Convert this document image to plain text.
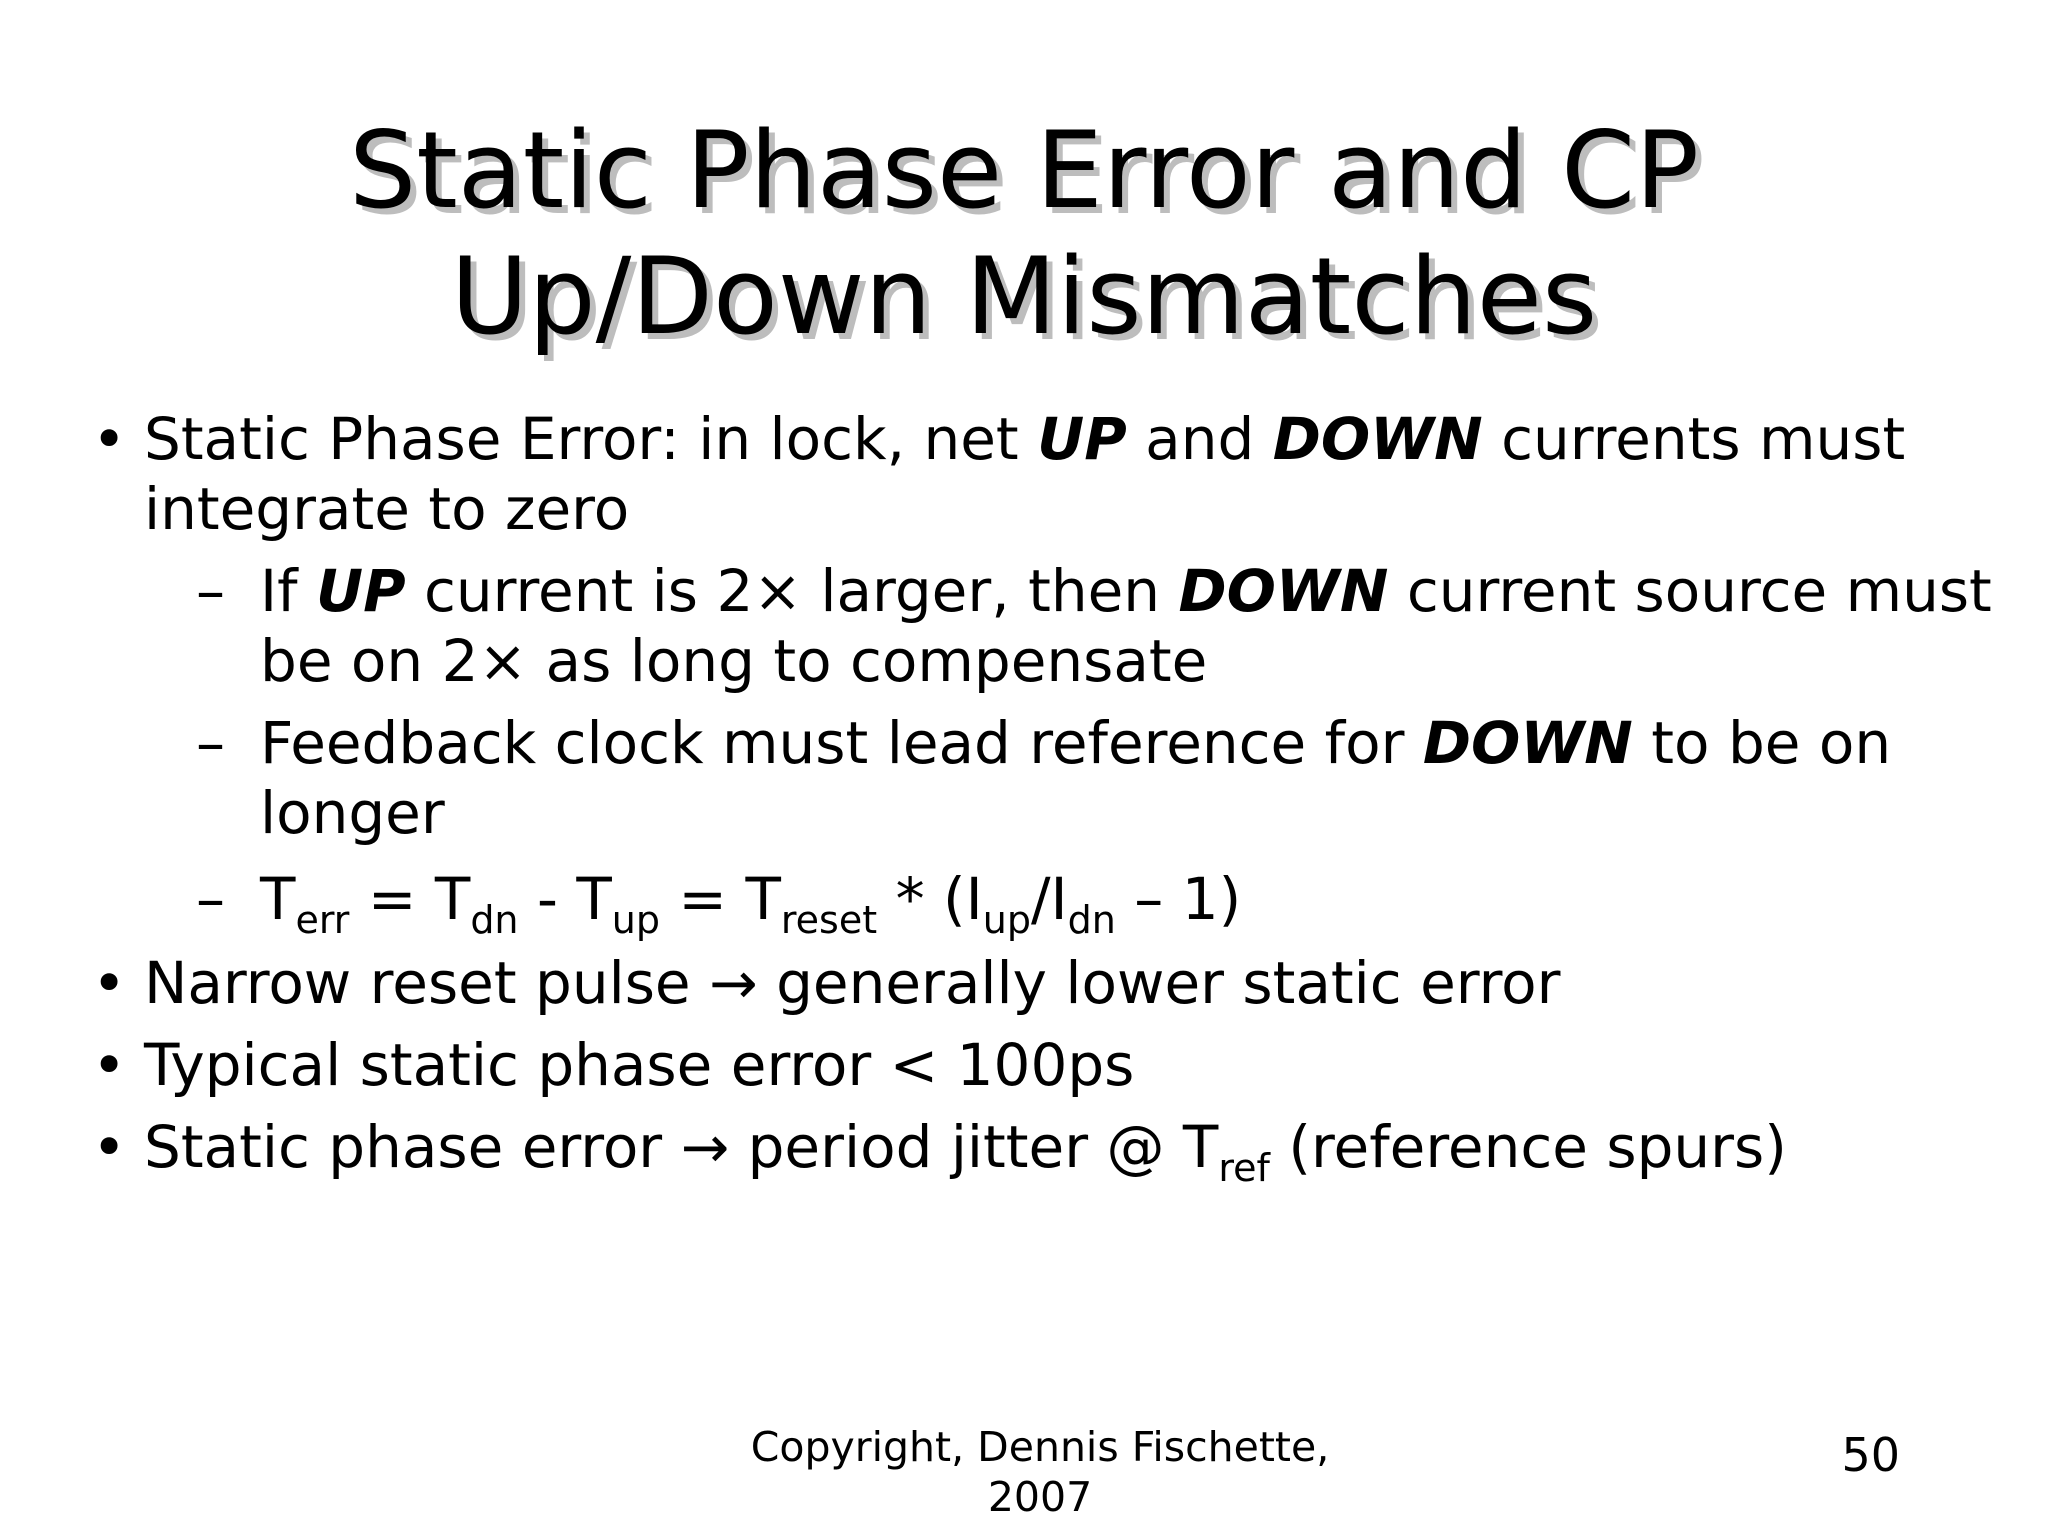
Static Phase Error and CP
Up/Down Mismatches
• Static Phase Error: in lock, net UP and DOWN currents must
integrate to zero
– If UP current is 2× larger, then DOWN current source must
be on 2× as long to compensate
– Feedback clock must lead reference for DOWN to be on
longer
– $T_{err} = T_{dn} - T_{up} = T_{reset} * (I_{up}/I_{dn} - 1)$
• Narrow reset pulse → generally lower static error
• Typical static phase error < 100ps
• Static phase error → period jitter @ $T_{ref}$ (reference spurs)
Copyright, Dennis Fischette,
2007
50
